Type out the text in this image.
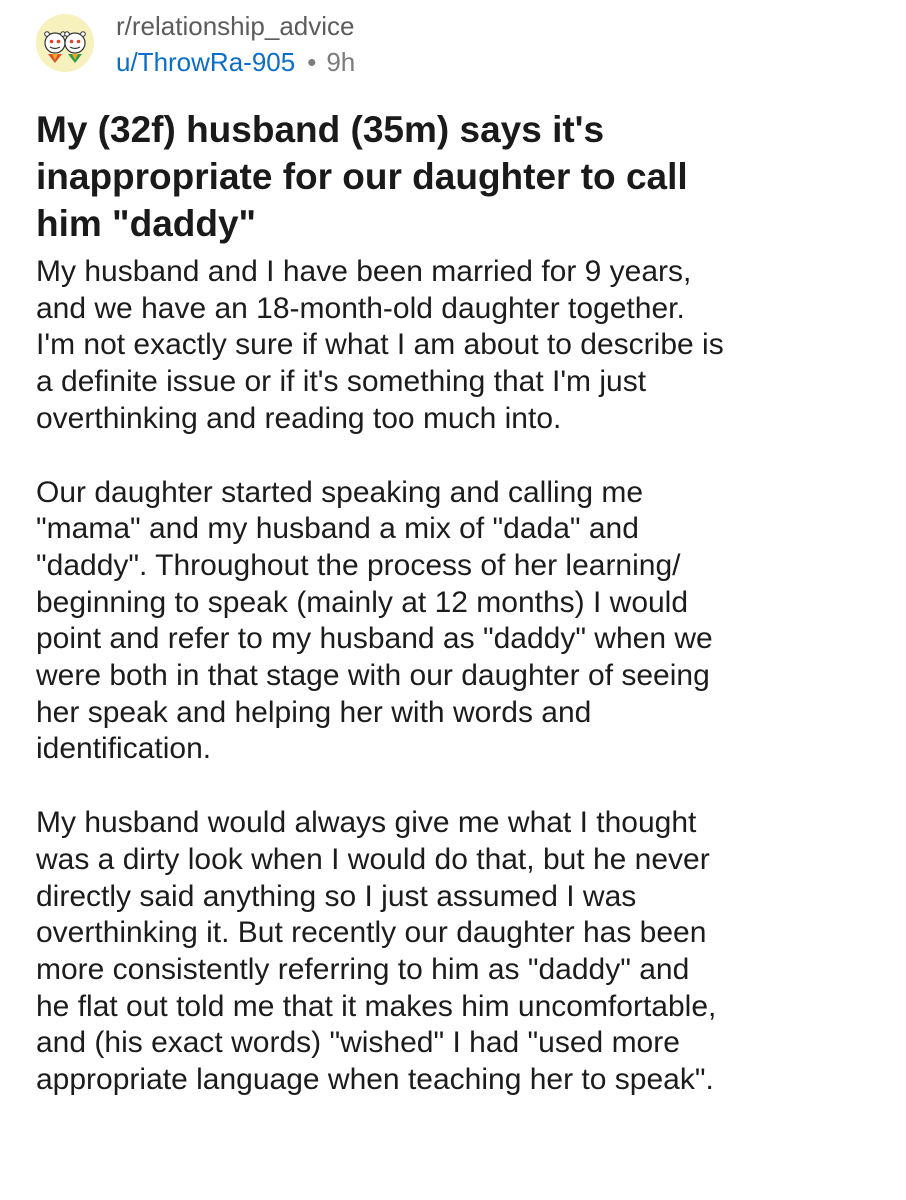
r/relationship_advice
u/ThrowRa-905 • 9h
My (32f) husband (35m) says it's
inappropriate for our daughter to call
him "daddy"

My husband and I have been married for 9 years,
and we have an 18-month-old daughter together.
I'm not exactly sure if what I am about to describe is
a definite issue or if it's something that I'm just
overthinking and reading too much into.

Our daughter started speaking and calling me
"mama" and my husband a mix of "dada" and
"daddy". Throughout the process of her learning/
beginning to speak (mainly at 12 months) I would
point and refer to my husband as "daddy" when we
were both in that stage with our daughter of seeing
her speak and helping her with words and
identification.

My husband would always give me what I thought
was a dirty look when I would do that, but he never
directly said anything so I just assumed I was
overthinking it. But recently our daughter has been
more consistently referring to him as "daddy" and
he flat out told me that it makes him uncomfortable,
and (his exact words) "wished" I had "used more
appropriate language when teaching her to speak".
